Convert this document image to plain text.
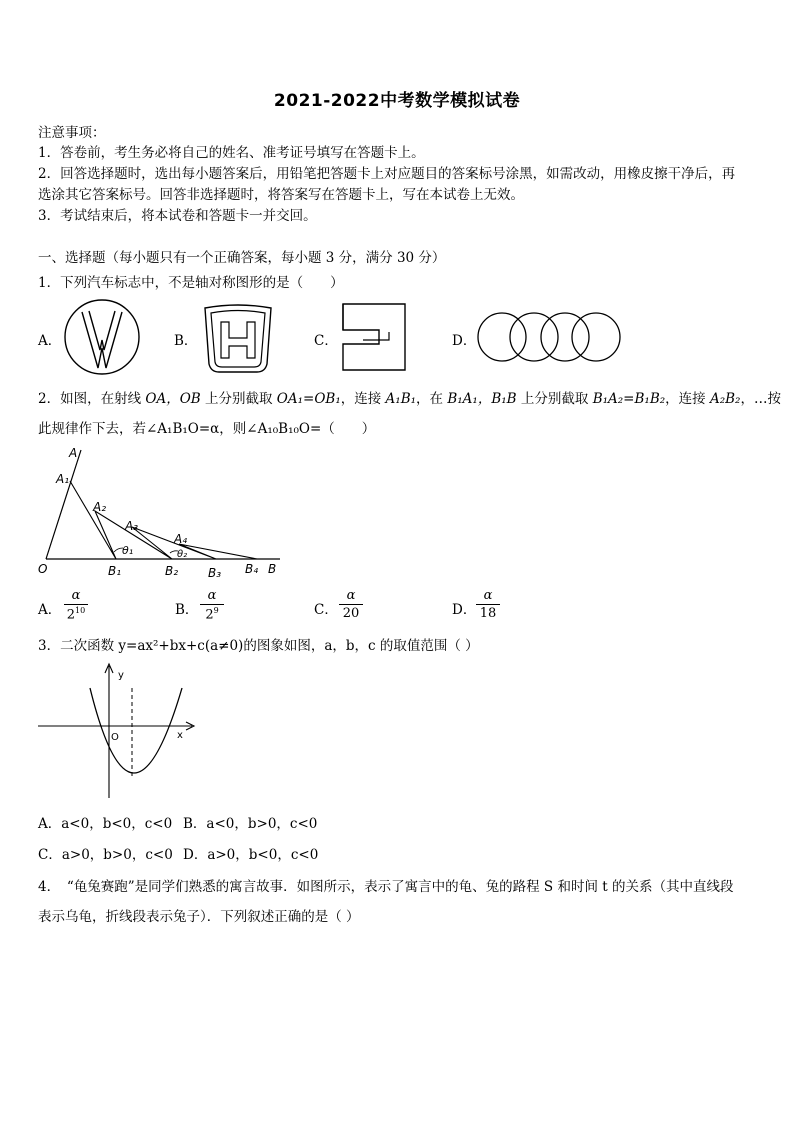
2021-2022中考数学模拟试卷
注意事项：
1．答卷前，考生务必将自己的姓名、准考证号填写在答题卡上。
2．回答选择题时，选出每小题答案后，用铅笔把答题卡上对应题目的答案标号涂黑，如需改动，用橡皮擦干净后，再
选涂其它答案标号。回答非选择题时，将答案写在答题卡上，写在本试卷上无效。
3．考试结束后，将本试卷和答题卡一并交回。
一、选择题（每小题只有一个正确答案，每小题 3 分，满分 30 分）
1．下列汽车标志中，不是轴对称图形的是（　　）
A．	B．	C．	D．
2．如图，在射线 OA，OB 上分别截取 OA₁=OB₁，连接 A₁B₁，在 B₁A₁，B₁B 上分别截取 B₁A₂=B₁B₂，连接 A₂B₂，…按
此规律作下去，若∠A₁B₁O=α，则∠A₁₀B₁₀O=（　　）
A
A₁
A₂
A₃
A₄
O	B₁	B₂ B₃ B₄ B
θ₁	θ₂
A．
α
$2^{10}$	B．
α
$2^9$	C．
α
20	D．
α
18
3．二次函数 y=ax²+bx+c(a≠0)的图象如图，a，b，c 的取值范围（ ）
y
x
O
A．a<0，b<0，c<0 B．a<0，b>0，c<0
C．a>0，b>0，c<0 D．a>0，b<0，c<0
4．　“龟兔赛跑”是同学们熟悉的寓言故事．如图所示，表示了寓言中的龟、兔的路程 S 和时间 t 的关系（其中直线段
表示乌龟，折线段表示兔子）．下列叙述正确的是（ ）
